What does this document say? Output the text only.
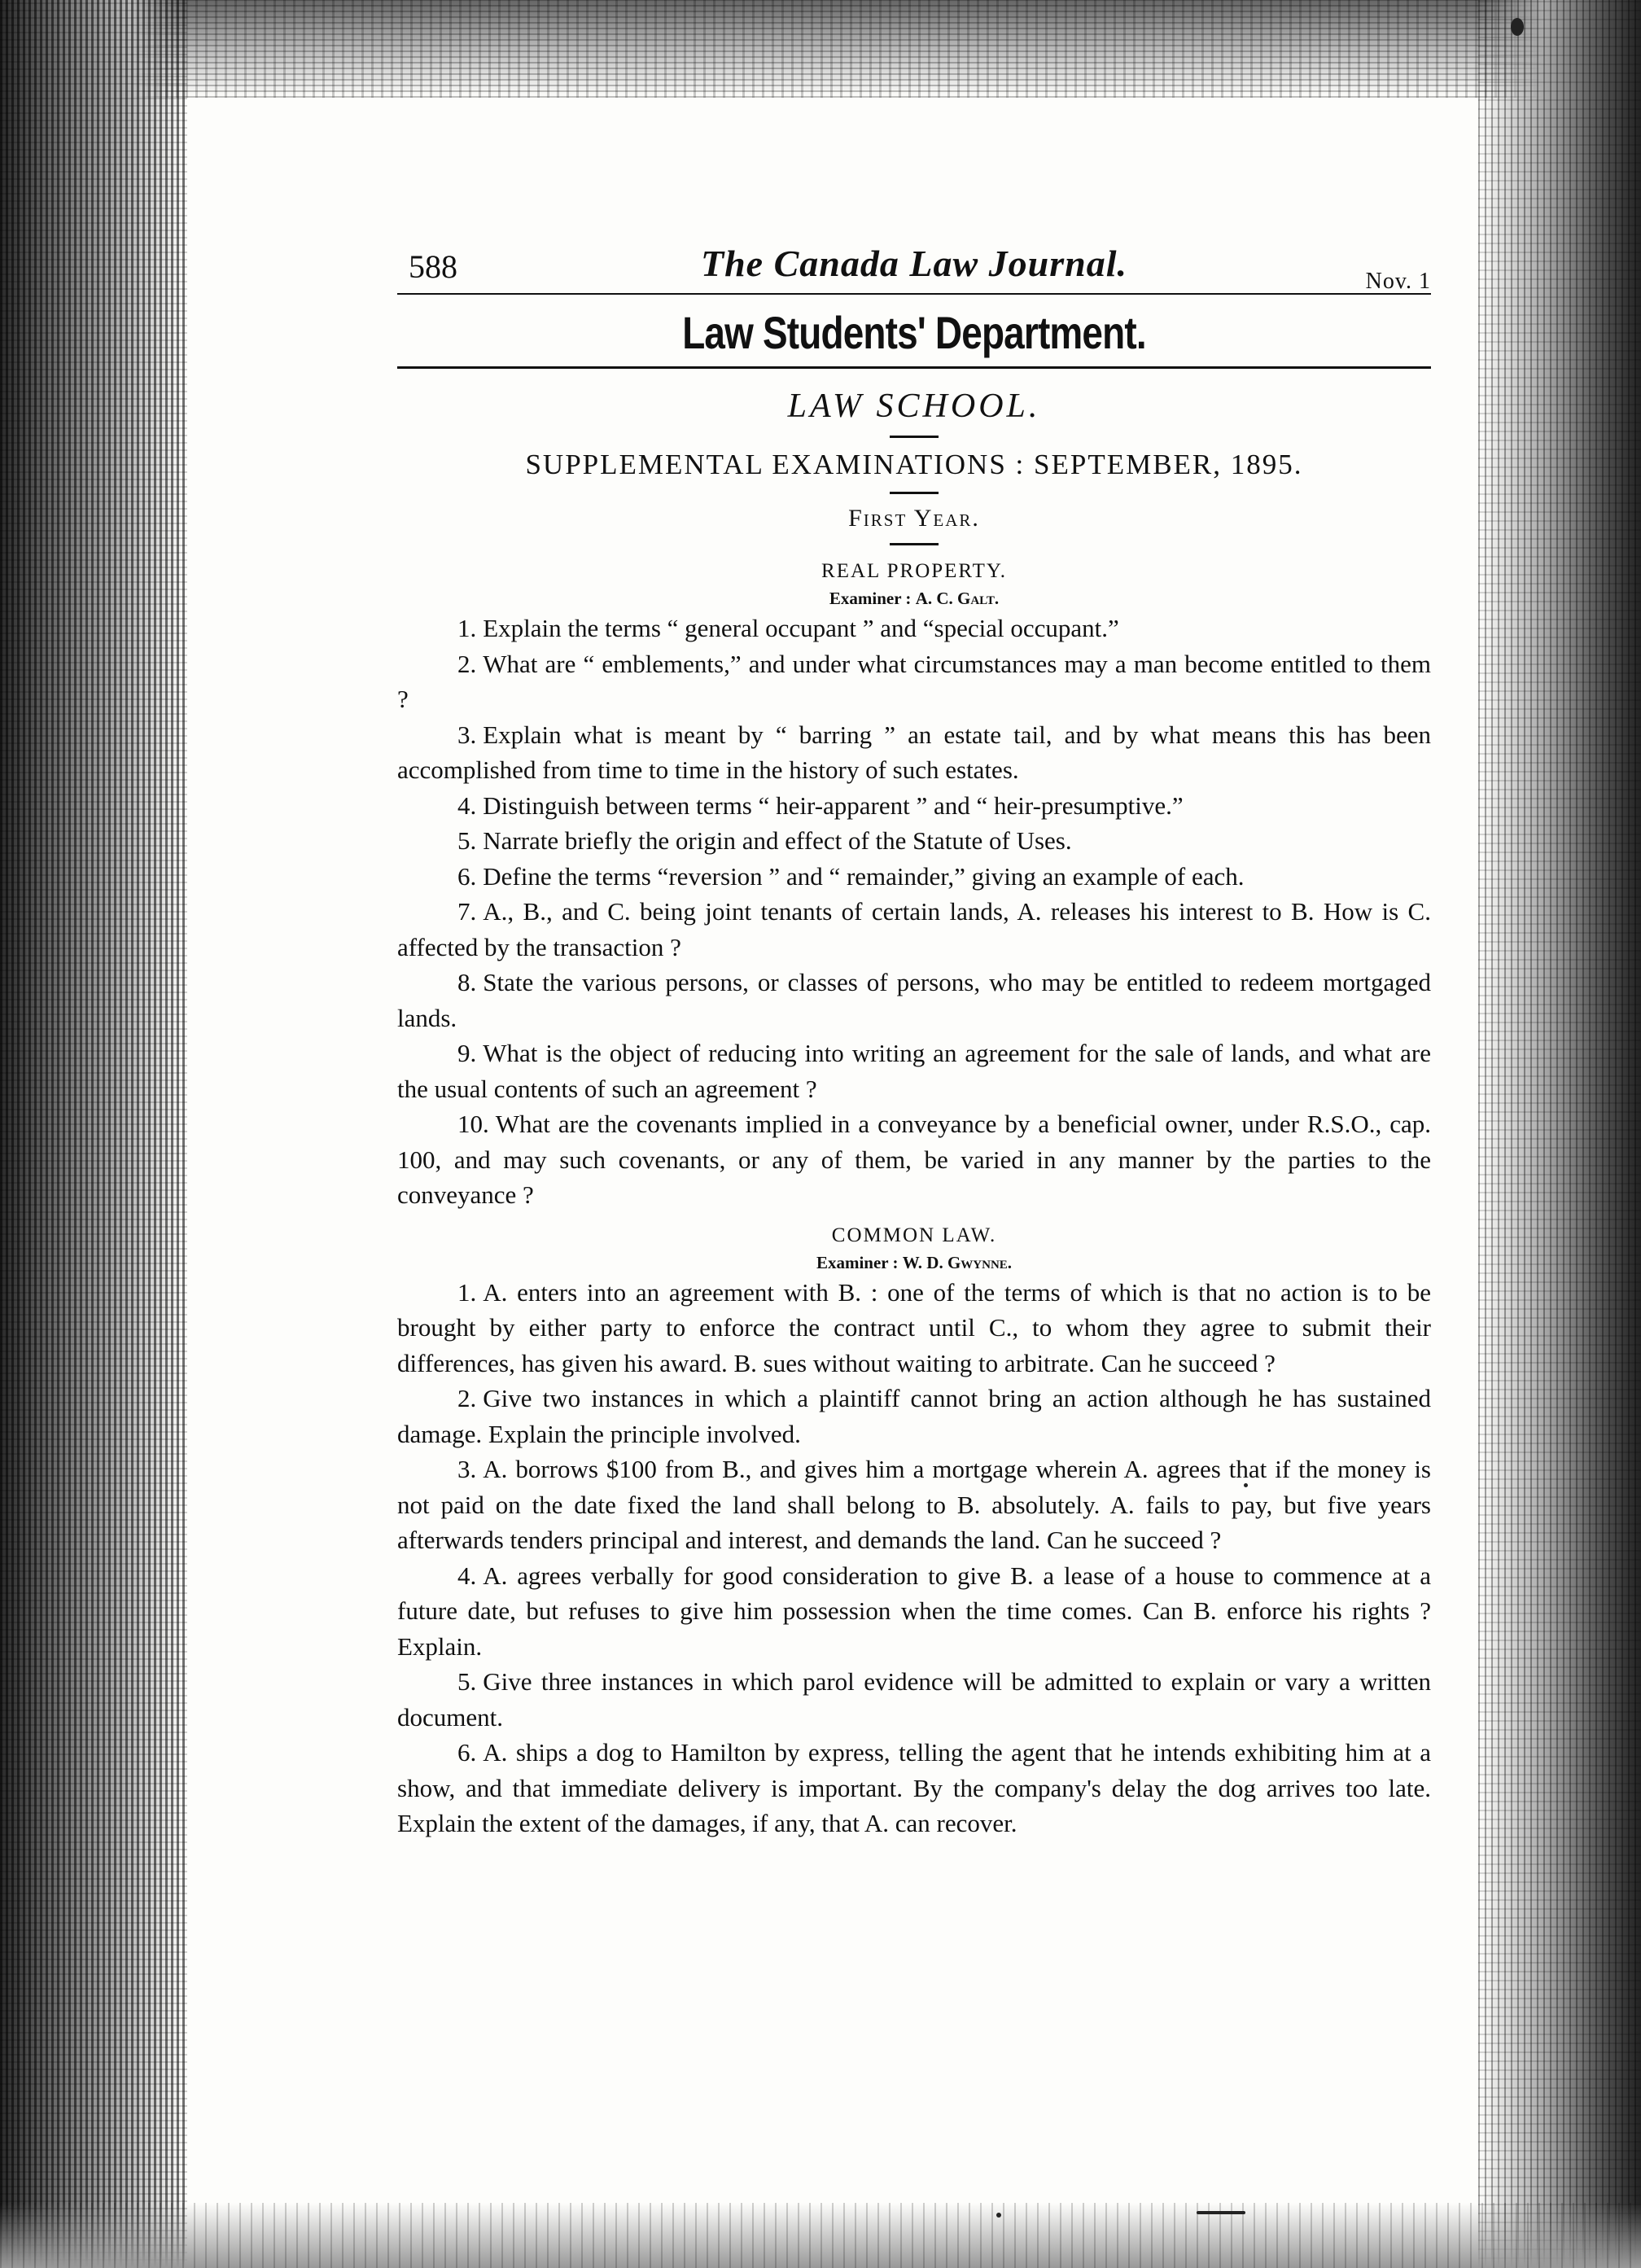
588	The Canada Law Journal.	Nov. 1
Law Students' Department.
LAW SCHOOL.
SUPPLEMENTAL EXAMINATIONS : SEPTEMBER, 1895.
First Year.
REAL PROPERTY.
Examiner : A. C. Galt.

1. Explain the terms “ general occupant ” and “special occupant.”

2. What are “ emblements,” and under what circumstances may a man become entitled to them ?

3. Explain what is meant by “ barring ” an estate tail, and by what means this has been accomplished from time to time in the history of such estates.

4. Distinguish between terms “ heir-apparent ” and “ heir-presumptive.”

5. Narrate briefly the origin and effect of the Statute of Uses.

6. Define the terms “reversion ” and “ remainder,” giving an example of each.

7. A., B., and C. being joint tenants of certain lands, A. releases his interest to B. How is C. affected by the transaction ?

8. State the various persons, or classes of persons, who may be entitled to redeem mortgaged lands.

9. What is the object of reducing into writing an agreement for the sale of lands, and what are the usual contents of such an agreement ?

10. What are the covenants implied in a conveyance by a beneficial owner, under R.S.O., cap. 100, and may such covenants, or any of them, be varied in any manner by the parties to the conveyance ?

COMMON LAW.
Examiner : W. D. Gwynne.

1. A. enters into an agreement with B. : one of the terms of which is that no action is to be brought by either party to enforce the contract until C., to whom they agree to submit their differences, has given his award. B. sues without waiting to arbitrate. Can he succeed ?

2. Give two instances in which a plaintiff cannot bring an action although he has sustained damage. Explain the principle involved.

3. A. borrows $100 from B., and gives him a mortgage wherein A. agrees that if the money is not paid on the date fixed the land shall belong to B. absolutely. A. fails to pay, but five years afterwards tenders principal and interest, and demands the land. Can he succeed ?

4. A. agrees verbally for good consideration to give B. a lease of a house to commence at a future date, but refuses to give him possession when the time comes. Can B. enforce his rights ? Explain.

5. Give three instances in which parol evidence will be admitted to explain or vary a written document.

6. A. ships a dog to Hamilton by express, telling the agent that he intends exhibiting him at a show, and that immediate delivery is important. By the company's delay the dog arrives too late. Explain the extent of the damages, if any, that A. can recover.
